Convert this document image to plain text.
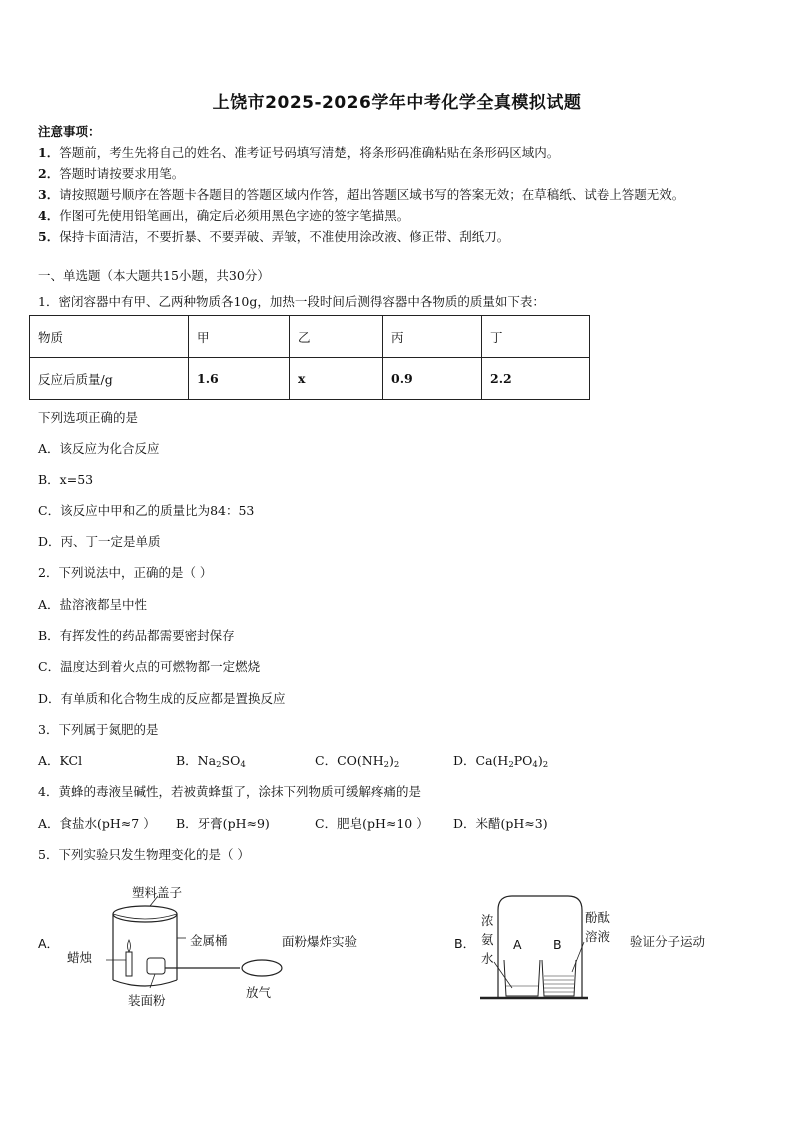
上饶市2025-2026学年中考化学全真模拟试题
注意事项：
1．答题前，考生先将自己的姓名、准考证号码填写清楚，将条形码准确粘贴在条形码区域内。
2．答题时请按要求用笔。
3．请按照题号顺序在答题卡各题目的答题区域内作答，超出答题区域书写的答案无效；在草稿纸、试卷上答题无效。
4．作图可先使用铅笔画出，确定后必须用黑色字迹的签字笔描黑。
5．保持卡面清洁，不要折暴、不要弄破、弄皱，不准使用涂改液、修正带、刮纸刀。
一、单选题（本大题共15小题，共30分）
1．密闭容器中有甲、乙两种物质各10g，加热一段时间后测得容器中各物质的质量如下表：
物质	甲	乙	丙	丁
反应后质量/g	1.6	x	0.9	2.2
下列选项正确的是
A．该反应为化合反应
B．x=53
C．该反应中甲和乙的质量比为84：53
D．丙、丁一定是单质
2．下列说法中，正确的是（ ）
A．盐溶液都呈中性
B．有挥发性的药品都需要密封保存
C．温度达到着火点的可燃物都一定燃烧
D．有单质和化合物生成的反应都是置换反应
3．下列属于氮肥的是
A．KCl	B．$Na_2SO_4$	C．$CO(NH_2)_2$	D．$Ca(H_2PO_4)_2$
4．黄蜂的毒液呈碱性，若被黄蜂蜇了，涂抹下列物质可缓解疼痛的是
A．食盐水(pH≈7 ） B．牙膏(pH≈9)	C．肥皂(pH≈10 ） D．米醋(pH≈3)
5．下列实验只发生物理变化的是（ ）
A．
塑料盖子
金属桶
蜡烛
装面粉
放气
面粉爆炸实验	B．
浓
氨
水
A	B
酚酞
溶液 验证分子运动
